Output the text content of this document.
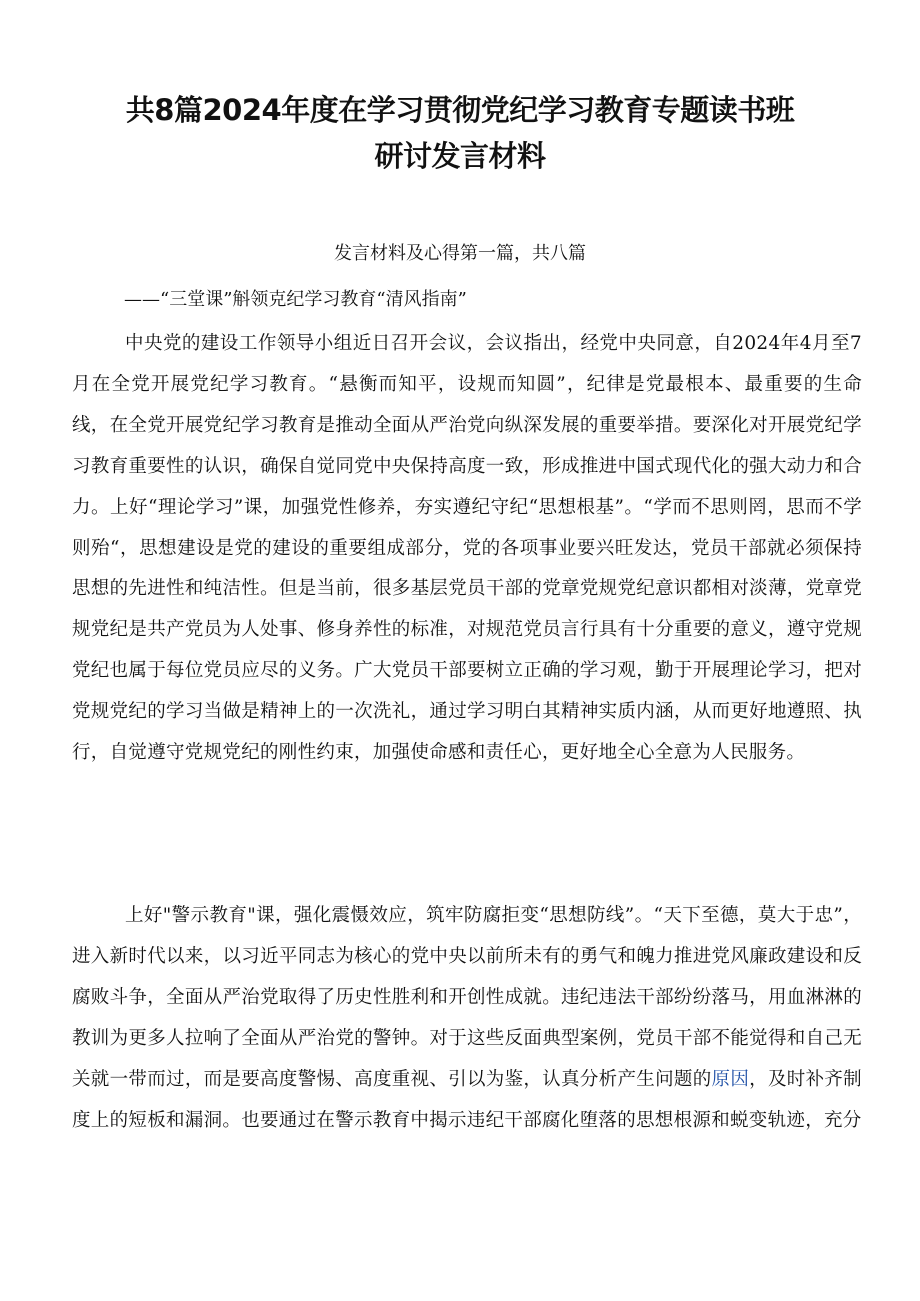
共8篇2024年度在学习贯彻党纪学习教育专题读书班
研讨发言材料
发言材料及心得第一篇，共八篇
——“三堂课”斛领克纪学习教育“清风指南”

中央党的建设工作领导小组近日召开会议，会议指出，经党中央同意，自2024年4月至7月在全党开展党纪学习教育。“悬衡而知平，设规而知圆”，纪律是党最根本、最重要的生命线，在全党开展党纪学习教育是推动全面从严治党向纵深发展的重要举措。要深化对开展党纪学习教育重要性的认识，确保自觉同党中央保持高度一致，形成推进中国式现代化的强大动力和合力。上好“理论学习”课，加强党性修养，夯实遵纪守纪“思想根基”。“学而不思则罔，思而不学则殆“，思想建设是党的建设的重要组成部分，党的各项事业要兴旺发达，党员干部就必须保持思想的先进性和纯洁性。但是当前，很多基层党员干部的党章党规党纪意识都相对淡薄，党章党规党纪是共产党员为人处事、修身养性的标准，对规范党员言行具有十分重要的意义，遵守党规党纪也属于每位党员应尽的义务。广大党员干部要树立正确的学习观，勤于开展理论学习，把对党规党纪的学习当做是精神上的一次洗礼，通过学习明白其精神实质内涵，从而更好地遵照、执行，自觉遵守党规党纪的刚性约束，加强使命感和责任心，更好地全心全意为人民服务。

上好"警示教育"课，强化震慑效应，筑牢防腐拒变“思想防线”。“天下至德，莫大于忠”，进入新时代以来，以习近平同志为核心的党中央以前所未有的勇气和魄力推进党风廉政建设和反腐败斗争，全面从严治党取得了历史性胜利和开创性成就。违纪违法干部纷纷落马，用血淋淋的教训为更多人拉响了全面从严治党的警钟。对于这些反面典型案例，党员干部不能觉得和自己无关就一带而过，而是要高度警惕、高度重视、引以为鉴，认真分析产生问题的原因，及时补齐制度上的短板和漏洞。也要通过在警示教育中揭示违纪干部腐化堕落的思想根源和蜕变轨迹，充分
